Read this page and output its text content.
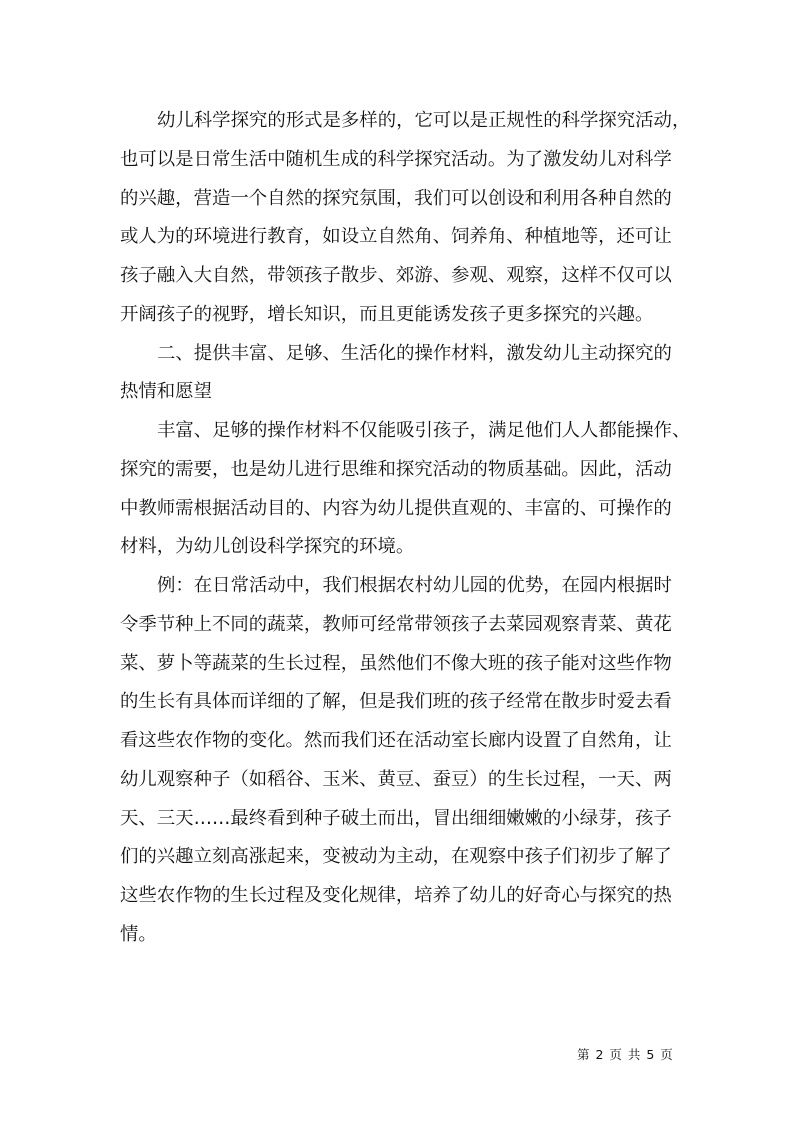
幼儿科学探究的形式是多样的，它可以是正规性的科学探究活动，
也可以是日常生活中随机生成的科学探究活动。为了激发幼儿对科学
的兴趣，营造一个自然的探究氛围，我们可以创设和利用各种自然的
或人为的环境进行教育，如设立自然角、饲养角、种植地等，还可让
孩子融入大自然，带领孩子散步、郊游、参观、观察，这样不仅可以
开阔孩子的视野，增长知识，而且更能诱发孩子更多探究的兴趣。
二、提供丰富、足够、生活化的操作材料，激发幼儿主动探究的
热情和愿望
丰富、足够的操作材料不仅能吸引孩子，满足他们人人都能操作、
探究的需要，也是幼儿进行思维和探究活动的物质基础。因此，活动
中教师需根据活动目的、内容为幼儿提供直观的、丰富的、可操作的
材料，为幼儿创设科学探究的环境。
例：在日常活动中，我们根据农村幼儿园的优势，在园内根据时
令季节种上不同的蔬菜，教师可经常带领孩子去菜园观察青菜、黄花
菜、萝卜等蔬菜的生长过程，虽然他们不像大班的孩子能对这些作物
的生长有具体而详细的了解，但是我们班的孩子经常在散步时爱去看
看这些农作物的变化。然而我们还在活动室长廊内设置了自然角，让
幼儿观察种子（如稻谷、玉米、黄豆、蚕豆）的生长过程，一天、两
天、三天……最终看到种子破土而出，冒出细细嫩嫩的小绿芽，孩子
们的兴趣立刻高涨起来，变被动为主动，在观察中孩子们初步了解了
这些农作物的生长过程及变化规律，培养了幼儿的好奇心与探究的热
情。
第 2 页 共 5 页
